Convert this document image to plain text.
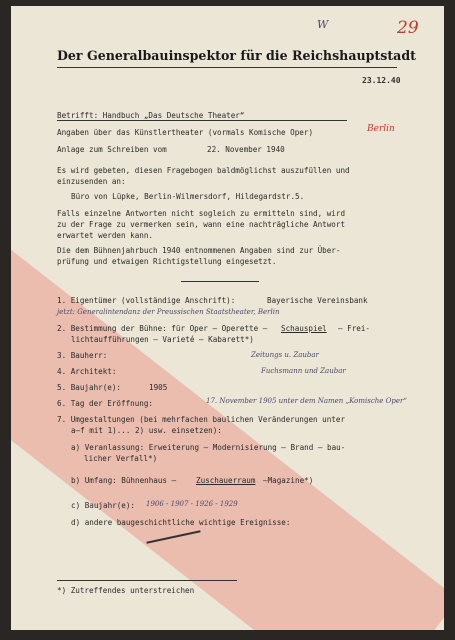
29
W
Der Generalbauinspektor für die Reichshauptstadt
23.12.40
Betrifft: Handbuch „Das Deutsche Theater“
Angaben über das Künstlertheater (vormals Komische Oper)	Berlin
Anlage zum Schreiben vom	22. November 1940
Es wird gebeten, diesen Fragebogen baldmöglichst auszufüllen und
einzusenden an:
Büro von Lüpke, Berlin-Wilmersdorf, Hildegardstr.5.
Falls einzelne Antworten nicht sogleich zu ermitteln sind, wird
zu der Frage zu vermerken sein, wann eine nachträgliche Antwort
erwartet werden kann.
Die dem Bühnenjahrbuch 1940 entnommenen Angaben sind zur Über-
prüfung und etwaigen Richtigstellung eingesetzt.
1. Eigentümer (vollständige Anschrift):	Bayerische Vereinsbank
jetzt: Generalintendanz der Preussischen Staatstheater, Berlin
2. Bestimmung der Bühne: für Oper — Operette — Schauspiel — Frei-
lichtaufführungen — Varieté — Kabarett*)
3. Bauherr:	Zeitungs u. Zaubar
4. Architekt:	Fuchsmann und Zaubar
5. Baujahr(e):	1905
6. Tag der Eröffnung:	17. November 1905 unter dem Namen „Komische Oper“
7. Umgestaltungen (bei mehrfachen baulichen Veränderungen unter
a—f mit 1)... 2) usw. einsetzen):
a) Veranlassung: Erweiterung — Modernisierung — Brand — bau-
licher Verfall*)
b) Umfang: Bühnenhaus —	Zuschauerraum —Magazine*)
c) Baujahr(e): 1906 - 1907 - 1926 - 1929
d) andere baugeschichtliche wichtige Ereignisse:
*) Zutreffendes unterstreichen
